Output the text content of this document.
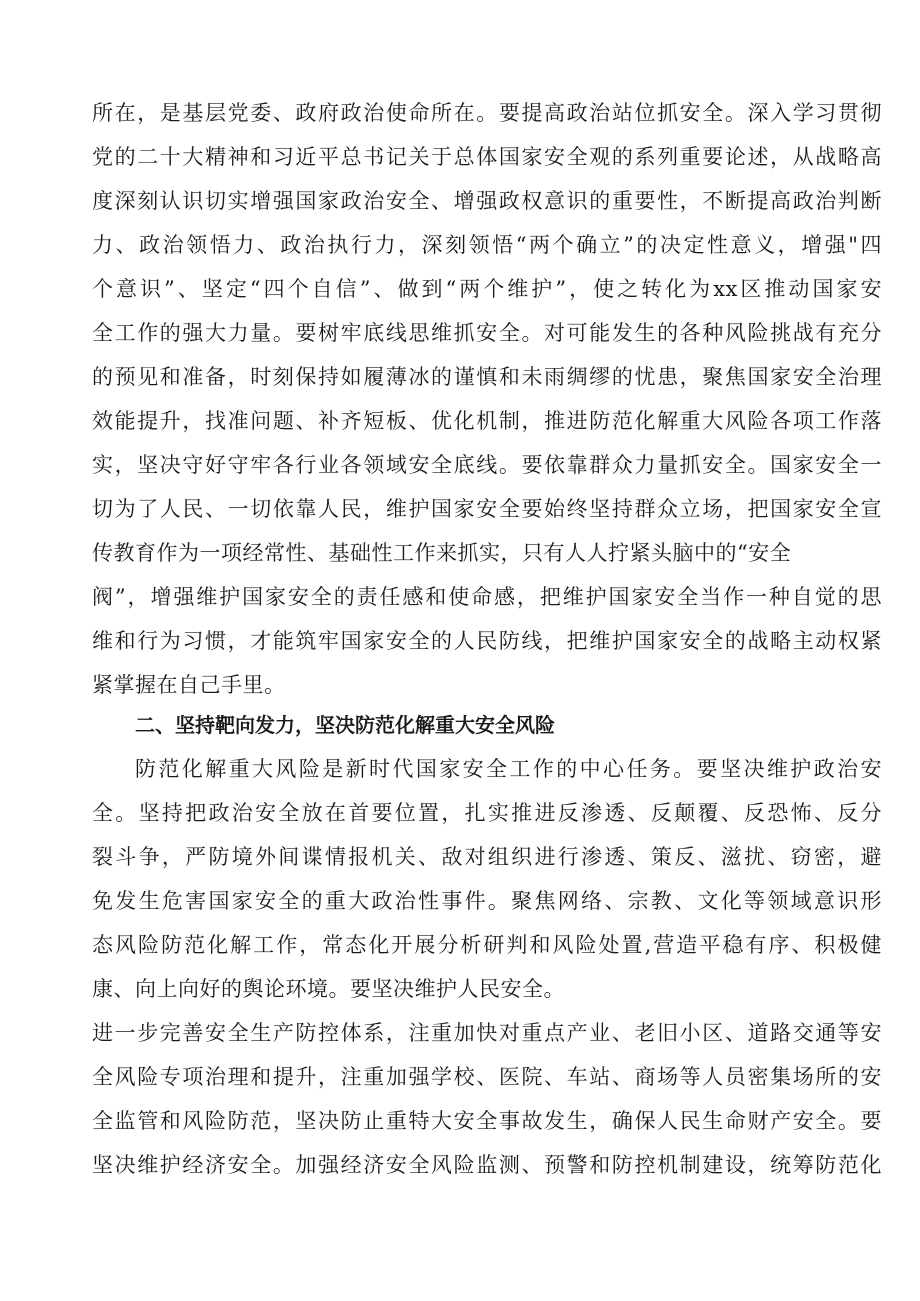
所在，是基层党委、政府政治使命所在。要提高政治站位抓安全。深入学习贯彻
党的二十大精神和习近平总书记关于总体国家安全观的系列重要论述，从战略高
度深刻认识切实增强国家政治安全、增强政权意识的重要性，不断提高政治判断
力、政治领悟力、政治执行力，深刻领悟“两个确立”的决定性意义，增强"四
个意识”、坚定“四个自信”、做到“两个维护”，使之转化为xx区推动国家安
全工作的强大力量。要树牢底线思维抓安全。对可能发生的各种风险挑战有充分
的预见和准备，时刻保持如履薄冰的谨慎和未雨绸缪的忧患，聚焦国家安全治理
效能提升，找准问题、补齐短板、优化机制，推进防范化解重大风险各项工作落
实，坚决守好守牢各行业各领域安全底线。要依靠群众力量抓安全。国家安全一
切为了人民、一切依靠人民，维护国家安全要始终坚持群众立场，把国家安全宣
传教育作为一项经常性、基础性工作来抓实，只有人人拧紧头脑中的“安全
阀”，增强维护国家安全的责任感和使命感，把维护国家安全当作一种自觉的思
维和行为习惯，才能筑牢国家安全的人民防线，把维护国家安全的战略主动权紧
紧掌握在自己手里。
二、坚持靶向发力，坚决防范化解重大安全风险
防范化解重大风险是新时代国家安全工作的中心任务。要坚决维护政治安
全。坚持把政治安全放在首要位置，扎实推进反渗透、反颠覆、反恐怖、反分
裂斗争，严防境外间谍情报机关、敌对组织进行渗透、策反、滋扰、窃密，避
免发生危害国家安全的重大政治性事件。聚焦网络、宗教、文化等领域意识形
态风险防范化解工作，常态化开展分析研判和风险处置,营造平稳有序、积极健
康、向上向好的舆论环境。要坚决维护人民安全。
进一步完善安全生产防控体系，注重加快对重点产业、老旧小区、道路交通等安
全风险专项治理和提升，注重加强学校、医院、车站、商场等人员密集场所的安
全监管和风险防范，坚决防止重特大安全事故发生，确保人民生命财产安全。要
坚决维护经济安全。加强经济安全风险监测、预警和防控机制建设，统筹防范化
